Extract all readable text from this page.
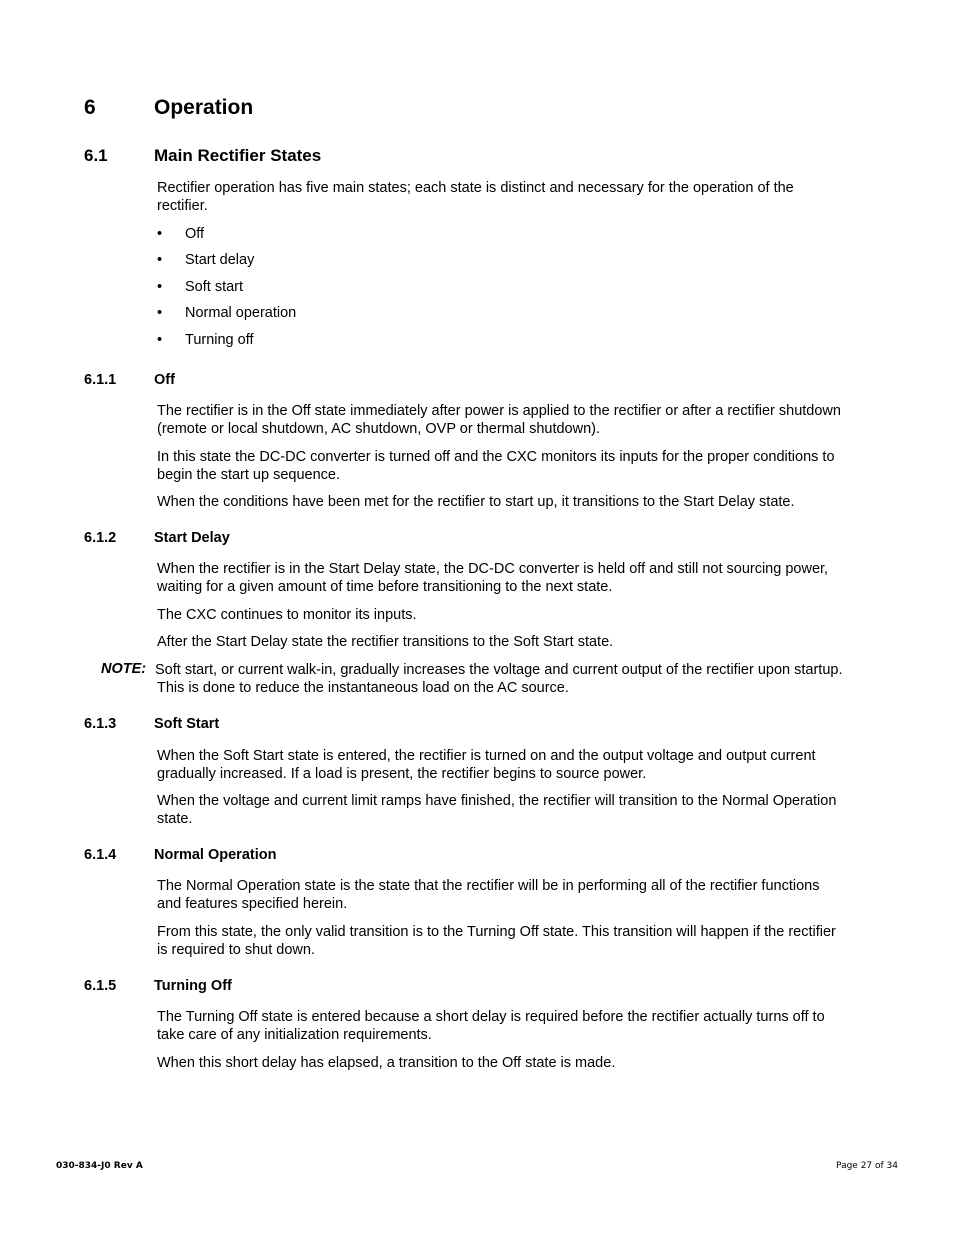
6	Operation
6.1	Main Rectifier States
Rectifier operation has five main states; each state is distinct and necessary for the operation of the
rectifier.
• Off
• Start delay
• Soft start
• Normal operation
• Turning off
6.1.1	Off
The rectifier is in the Off state immediately after power is applied to the rectifier or after a rectifier shutdown
(remote or local shutdown, AC shutdown, OVP or thermal shutdown).
In this state the DC-DC converter is turned off and the CXC monitors its inputs for the proper conditions to
begin the start up sequence.
When the conditions have been met for the rectifier to start up, it transitions to the Start Delay state.
6.1.2	Start Delay
When the rectifier is in the Start Delay state, the DC-DC converter is held off and still not sourcing power,
waiting for a given amount of time before transitioning to the next state.
The CXC continues to monitor its inputs.
After the Start Delay state the rectifier transitions to the Soft Start state.
NOTE: Soft start, or current walk-in, gradually increases the voltage and current output of the rectifier upon startup.
This is done to reduce the instantaneous load on the AC source.
6.1.3	Soft Start
When the Soft Start state is entered, the rectifier is turned on and the output voltage and output current
gradually increased. If a load is present, the rectifier begins to source power.
When the voltage and current limit ramps have finished, the rectifier will transition to the Normal Operation
state.
6.1.4	Normal Operation
The Normal Operation state is the state that the rectifier will be in performing all of the rectifier functions
and features specified herein.
From this state, the only valid transition is to the Turning Off state. This transition will happen if the rectifier
is required to shut down.
6.1.5	Turning Off
The Turning Off state is entered because a short delay is required before the rectifier actually turns off to
take care of any initialization requirements.
When this short delay has elapsed, a transition to the Off state is made.
030-834-J0 Rev A	Page 27 of 34
